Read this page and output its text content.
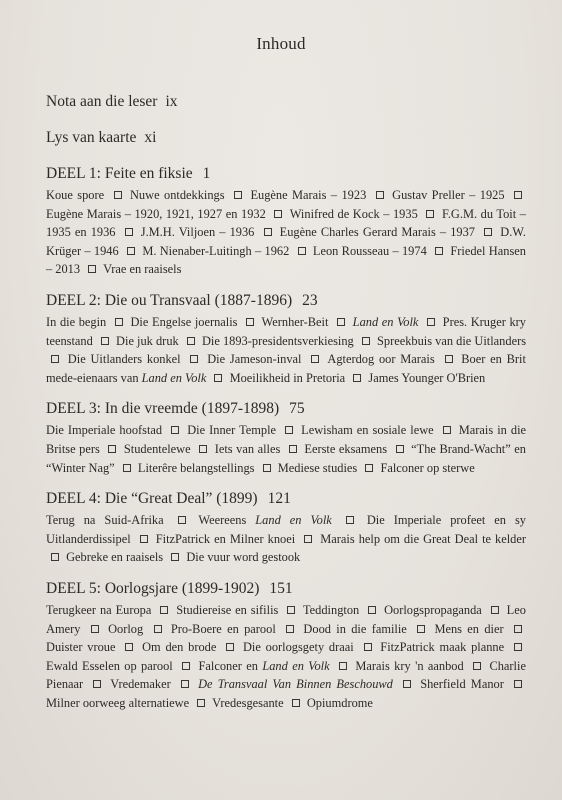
Inhoud
Nota aan die leser ix
Lys van kaarte xi
DEEL 1: Feite en fiksie 1
Koue spore Nuwe ontdekkings Eugène Marais – 1923 Gustav Preller – 1925  Eugène Marais – 1920, 1921, 1927 en 1932 Winifred de Kock – 1935 F.G.M. du Toit – 1935 en 1936 J.M.H. Viljoen – 1936 Eugène Charles Gerard Marais – 1937 D.W. Krüger – 1946 M. Nienaber-Luitingh – 1962 Leon Rousseau – 1974 Friedel Hansen – 2013 Vrae en raaisels
DEEL 2: Die ou Transvaal (1887-1896) 23
In die begin Die Engelse joernalis Wernher-Beit Land en Volk Pres. Kruger kry teenstand Die juk druk Die 1893-presidentsverkiesing Spreekbuis van die Uitlanders  Die Uitlanders konkel Die Jameson-inval Agterdog oor Marais Boer en Brit mede-eienaars van Land en Volk Moeilikheid in Pretoria James Younger O'Brien
DEEL 3: In die vreemde (1897-1898) 75
Die Imperiale hoofstad Die Inner Temple Lewisham en sosiale lewe Marais in die Britse pers Studentelewe Iets van alles Eerste eksamens “The Brand-Wacht” en “Winter Nag” Literêre belangstellings Mediese studies Falconer op sterwe
DEEL 4: Die “Great Deal” (1899) 121
Terug na Suid-Afrika	Weereens Land en Volk	Die Imperiale profeet en sy Uitlanderdissipel FitzPatrick en Milner knoei Marais help om die Great Deal te kelder  Gebreke en raaisels Die vuur word gestook
DEEL 5: Oorlogsjare (1899-1902) 151
Terugkeer na Europa Studiereise en sifilis Teddington Oorlogspropaganda Leo Amery Oorlog Pro-Boere en parool Dood in die familie Mens en dier  Duister vroue Om den brode Die oorlogsgety draai FitzPatrick maak planne  Ewald Esselen op parool Falconer en Land en Volk Marais kry 'n aanbod Charlie Pienaar Vredemaker De Transvaal Van Binnen Beschouwd Sherfield Manor  Milner oorweeg alternatiewe Vredesgesante Opiumdrome
